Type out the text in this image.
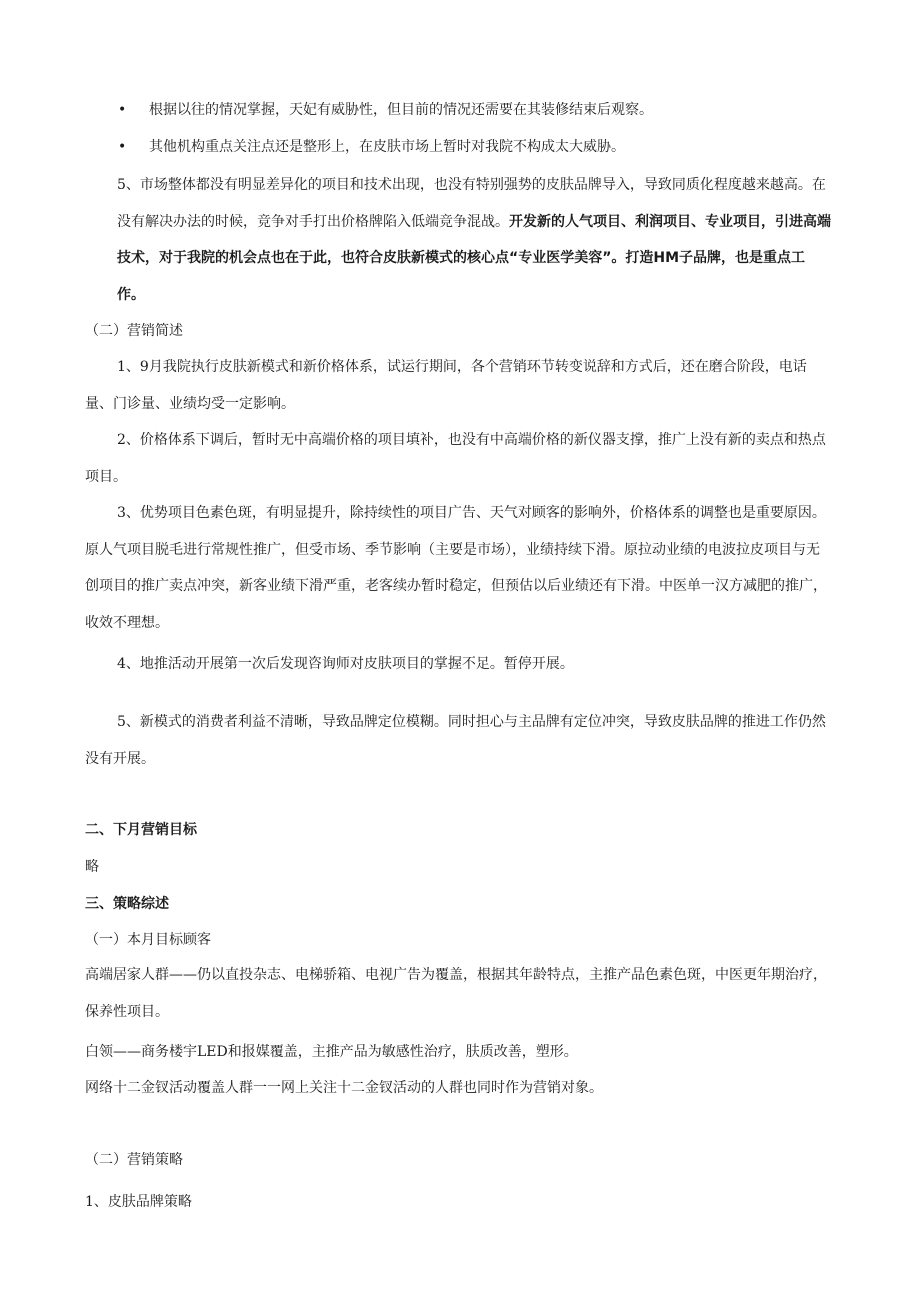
• 根据以往的情况掌握，天妃有威胁性，但目前的情况还需要在其装修结束后观察。

• 其他机构重点关注点还是整形上，在皮肤市场上暂时对我院不构成太大威胁。

5、市场整体都没有明显差异化的项目和技术出现，也没有特别强势的皮肤品牌导入，导致同质化程度越来越高。在没有解决办法的时候，竞争对手打出价格牌陷入低端竞争混战。开发新的人气项目、利润项目、专业项目，引进高端技术，对于我院的机会点也在于此，也符合皮肤新模式的核心点“专业医学美容”。打造HM子品牌，也是重点工作。

（二）营销简述

1、9月我院执行皮肤新模式和新价格体系，试运行期间，各个营销环节转变说辞和方式后，还在磨合阶段，电话量、门诊量、业绩均受一定影响。

2、价格体系下调后，暂时无中高端价格的项目填补，也没有中高端价格的新仪器支撑，推广上没有新的卖点和热点项目。

3、优势项目色素色斑，有明显提升，除持续性的项目广告、天气对顾客的影响外，价格体系的调整也是重要原因。原人气项目脱毛进行常规性推广，但受市场、季节影响（主要是市场），业绩持续下滑。原拉动业绩的电波拉皮项目与无创项目的推广卖点冲突，新客业绩下滑严重，老客续办暂时稳定，但预估以后业绩还有下滑。中医单一汉方减肥的推广，收效不理想。

4、地推活动开展第一次后发现咨询师对皮肤项目的掌握不足。暂停开展。

5、新模式的消费者利益不清晰，导致品牌定位模糊。同时担心与主品牌有定位冲突，导致皮肤品牌的推进工作仍然没有开展。

二、下月营销目标

略

三、策略综述

（一）本月目标顾客

高端居家人群——仍以直投杂志、电梯骄箱、电视广告为覆盖，根据其年龄特点，主推产品色素色斑，中医更年期治疗，保养性项目。

白领——商务楼宇LED和报媒覆盖，主推产品为敏感性治疗，肤质改善，塑形。

网络十二金钗活动覆盖人群一一网上关注十二金钗活动的人群也同时作为营销对象。

（二）营销策略

1、皮肤品牌策略
